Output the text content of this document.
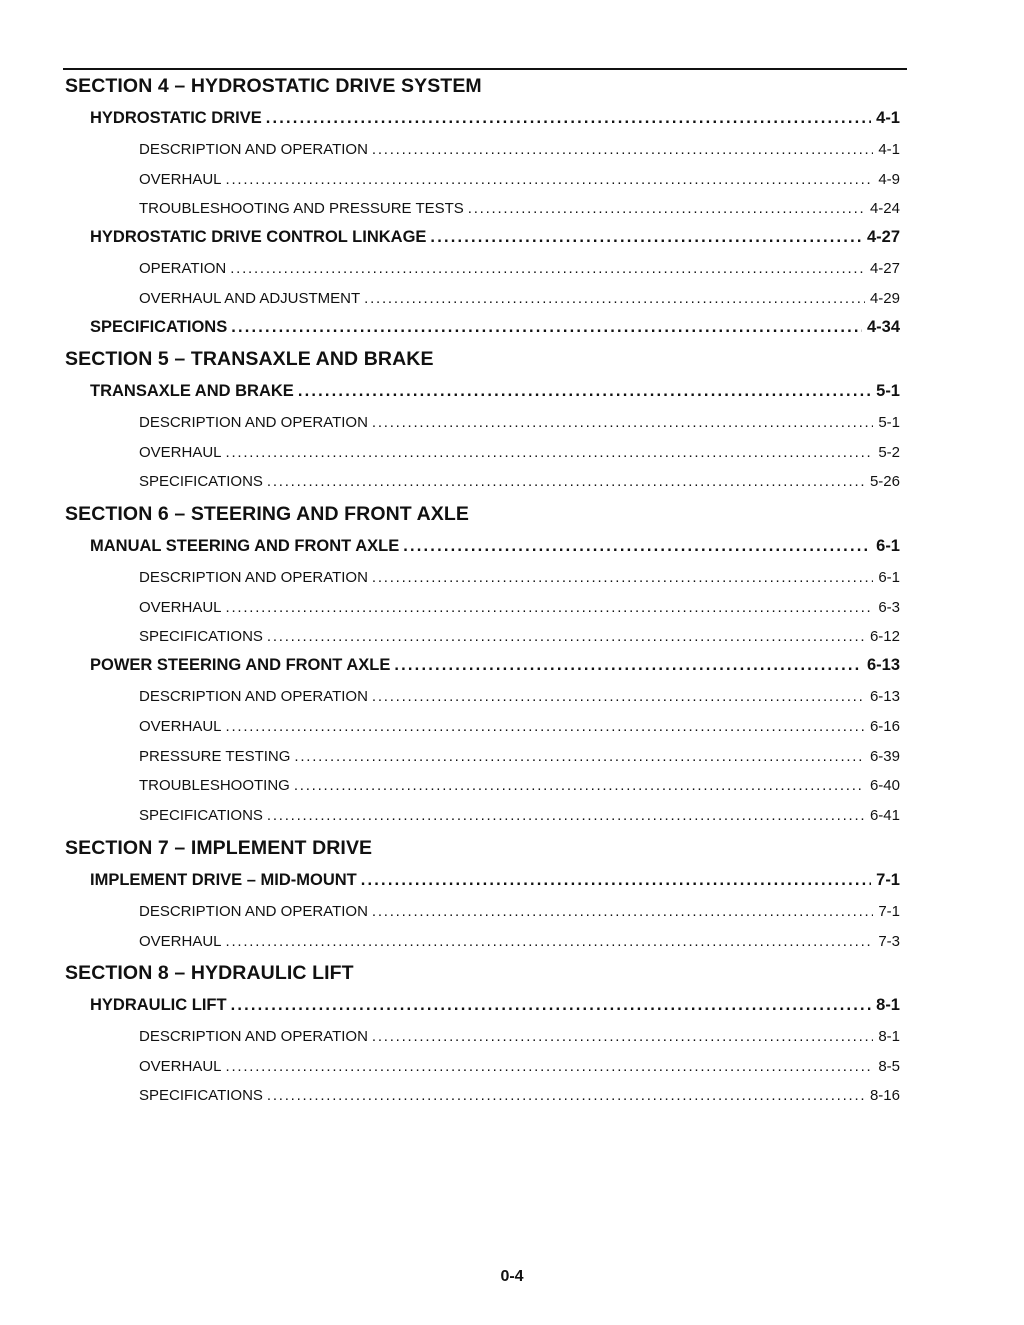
SECTION 4 – HYDROSTATIC DRIVE SYSTEM
HYDROSTATIC DRIVE . . .	4-1
DESCRIPTION AND OPERATION . . .	4-1
OVERHAUL . . .	4-9
TROUBLESHOOTING AND PRESSURE TESTS . . .	4-24
HYDROSTATIC DRIVE CONTROL LINKAGE . . .	4-27
OPERATION . . .	4-27
OVERHAUL AND ADJUSTMENT . . .	4-29
SPECIFICATIONS . . .	4-34
SECTION 5 – TRANSAXLE AND BRAKE
TRANSAXLE AND BRAKE . . .	5-1
DESCRIPTION AND OPERATION . . .	5-1
OVERHAUL . . .	5-2
SPECIFICATIONS . . .	5-26
SECTION 6 – STEERING AND FRONT AXLE
MANUAL STEERING AND FRONT AXLE . . .	6-1
DESCRIPTION AND OPERATION . . .	6-1
OVERHAUL . . .	6-3
SPECIFICATIONS . . .	6-12
POWER STEERING AND FRONT AXLE . . .	6-13
DESCRIPTION AND OPERATION . . .	6-13
OVERHAUL . . .	6-16
PRESSURE TESTING . . .	6-39
TROUBLESHOOTING . . .	6-40
SPECIFICATIONS . . .	6-41
SECTION 7 – IMPLEMENT DRIVE
IMPLEMENT DRIVE – MID-MOUNT . . .	7-1
DESCRIPTION AND OPERATION . . .	7-1
OVERHAUL . . .	7-3
SECTION 8 – HYDRAULIC LIFT
HYDRAULIC LIFT . . .	8-1
DESCRIPTION AND OPERATION . . .	8-1
OVERHAUL . . .	8-5
SPECIFICATIONS . . .	8-16
0-4
